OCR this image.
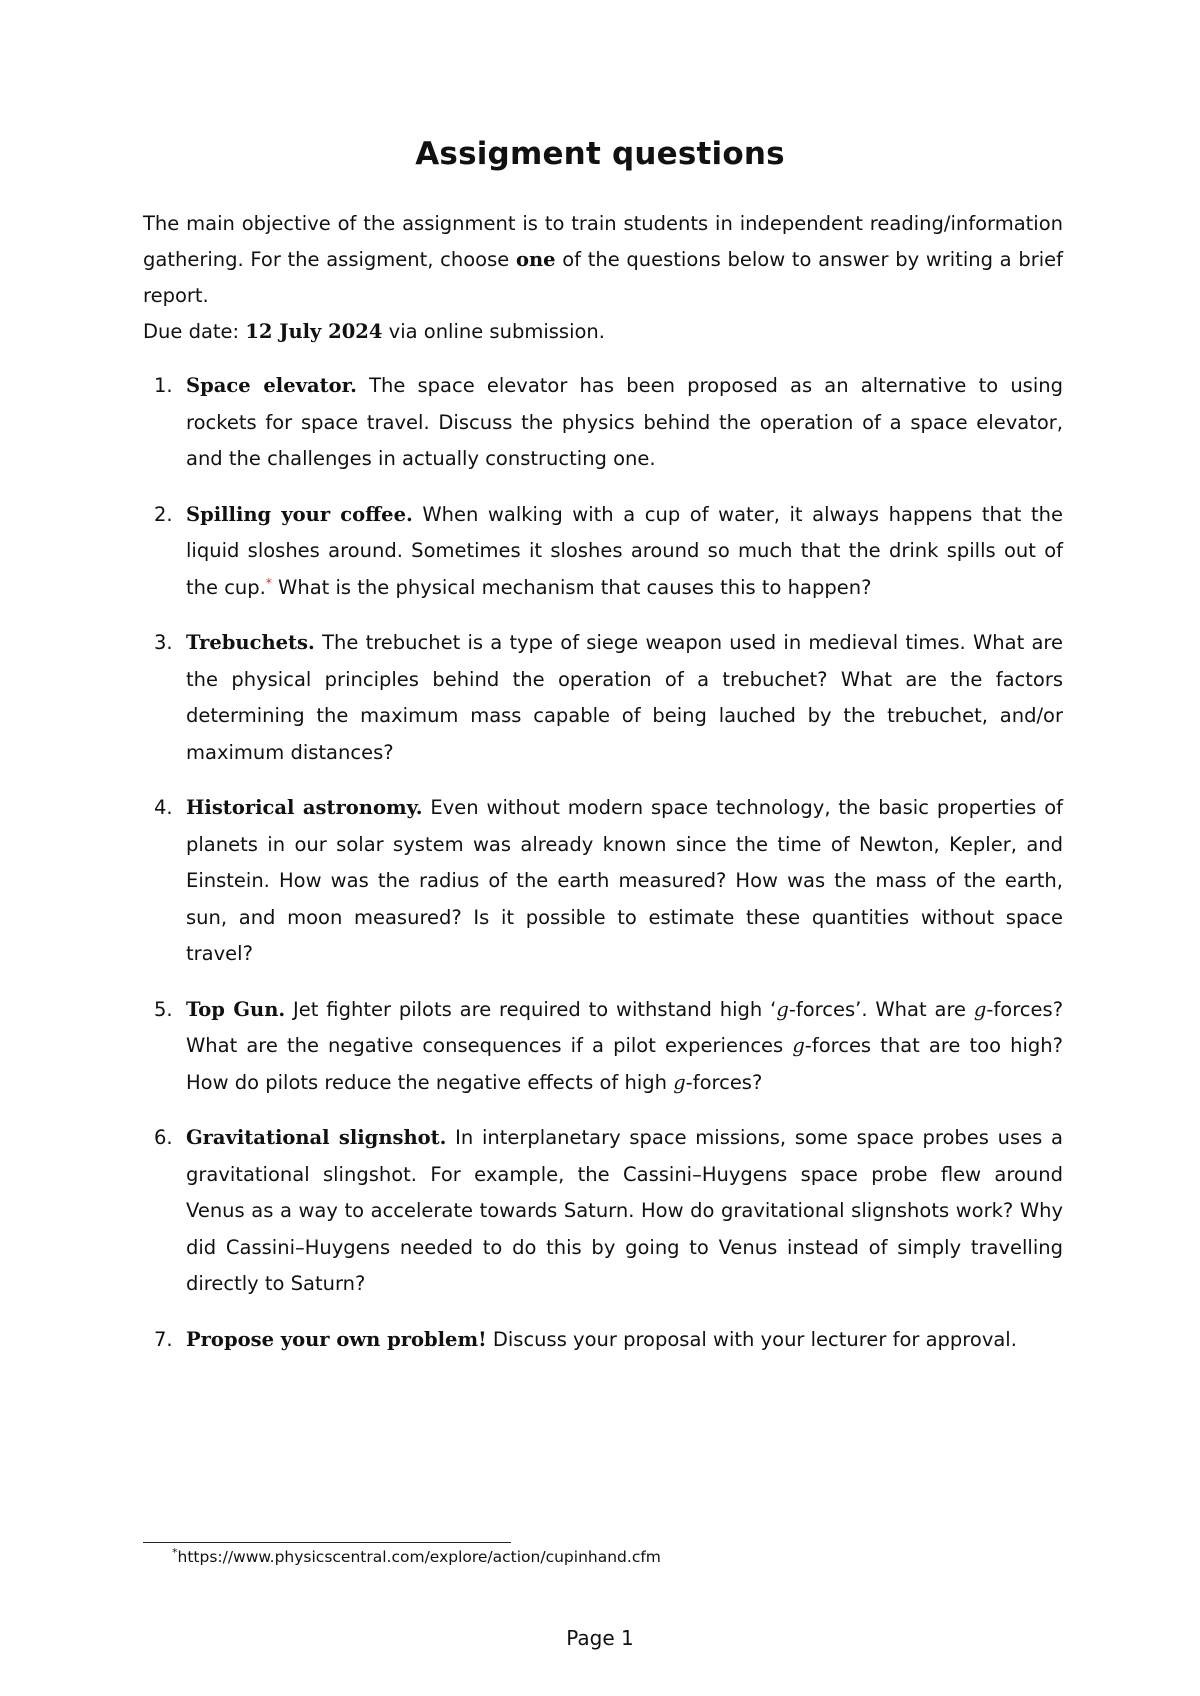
Assigment questions

The main objective of the assignment is to train students in independent reading/information gathering. For the assigment, choose one of the questions below to answer by writing a brief report.

Due date: 12 July 2024 via online submission.

1. Space elevator. The space elevator has been proposed as an alternative to using rockets for space travel. Discuss the physics behind the operation of a space elevator, and the challenges in actually constructing one.
2. Spilling your coffee. When walking with a cup of water, it always happens that the liquid sloshes around. Sometimes it sloshes around so much that the drink spills out of the cup.* What is the physical mechanism that causes this to happen?
3. Trebuchets. The trebuchet is a type of siege weapon used in medieval times. What are the physical principles behind the operation of a trebuchet? What are the factors determining the maximum mass capable of being lauched by the trebuchet, and/or maximum distances?
4. Historical astronomy. Even without modern space technology, the basic properties of planets in our solar system was already known since the time of Newton, Kepler, and Einstein. How was the radius of the earth measured? How was the mass of the earth, sun, and moon measured? Is it possible to estimate these quantities without space travel?
5. Top Gun. Jet fighter pilots are required to withstand high ‘g-forces’. What are g-forces? What are the negative consequences if a pilot experiences g-forces that are too high? How do pilots reduce the negative effects of high g-forces?
6. Gravitational slignshot. In interplanetary space missions, some space probes uses a gravitational slingshot. For example, the Cassini–Huygens space probe flew around Venus as a way to accelerate towards Saturn. How do gravitational slignshots work? Why did Cassini–Huygens needed to do this by going to Venus instead of simply travelling directly to Saturn?
7. Propose your own problem! Discuss your proposal with your lecturer for approval.

*https://www.physicscentral.com/explore/action/cupinhand.cfm

Page 1
